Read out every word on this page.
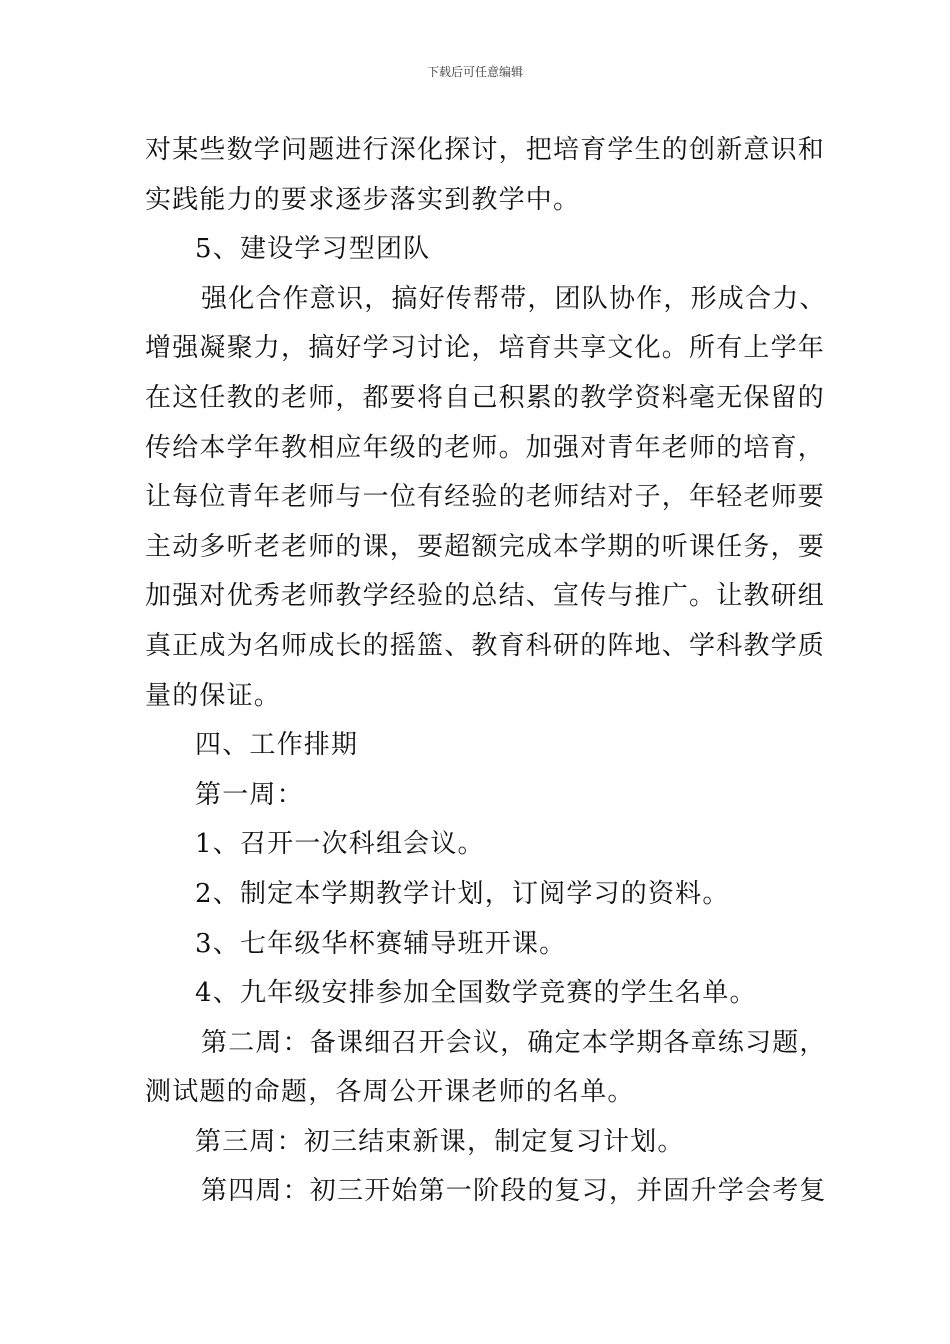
下载后可任意编辑
对某些数学问题进行深化探讨，把培育学生的创新意识和
实践能力的要求逐步落实到教学中。
5、建设学习型团队
强化合作意识，搞好传帮带，团队协作，形成合力、
增强凝聚力，搞好学习讨论，培育共享文化。所有上学年
在这任教的老师，都要将自己积累的教学资料毫无保留的
传给本学年教相应年级的老师。加强对青年老师的培育，
让每位青年老师与一位有经验的老师结对子，年轻老师要
主动多听老老师的课，要超额完成本学期的听课任务，要
加强对优秀老师教学经验的总结、宣传与推广。让教研组
真正成为名师成长的摇篮、教育科研的阵地、学科教学质
量的保证。
四、工作排期
第一周：
1、召开一次科组会议。
2、制定本学期教学计划，订阅学习的资料。
3、七年级华杯赛辅导班开课。
4、九年级安排参加全国数学竞赛的学生名单。
第二周：备课细召开会议，确定本学期各章练习题，
测试题的命题，各周公开课老师的名单。
第三周：初三结束新课，制定复习计划。
第四周：初三开始第一阶段的复习，并固升学会考复
